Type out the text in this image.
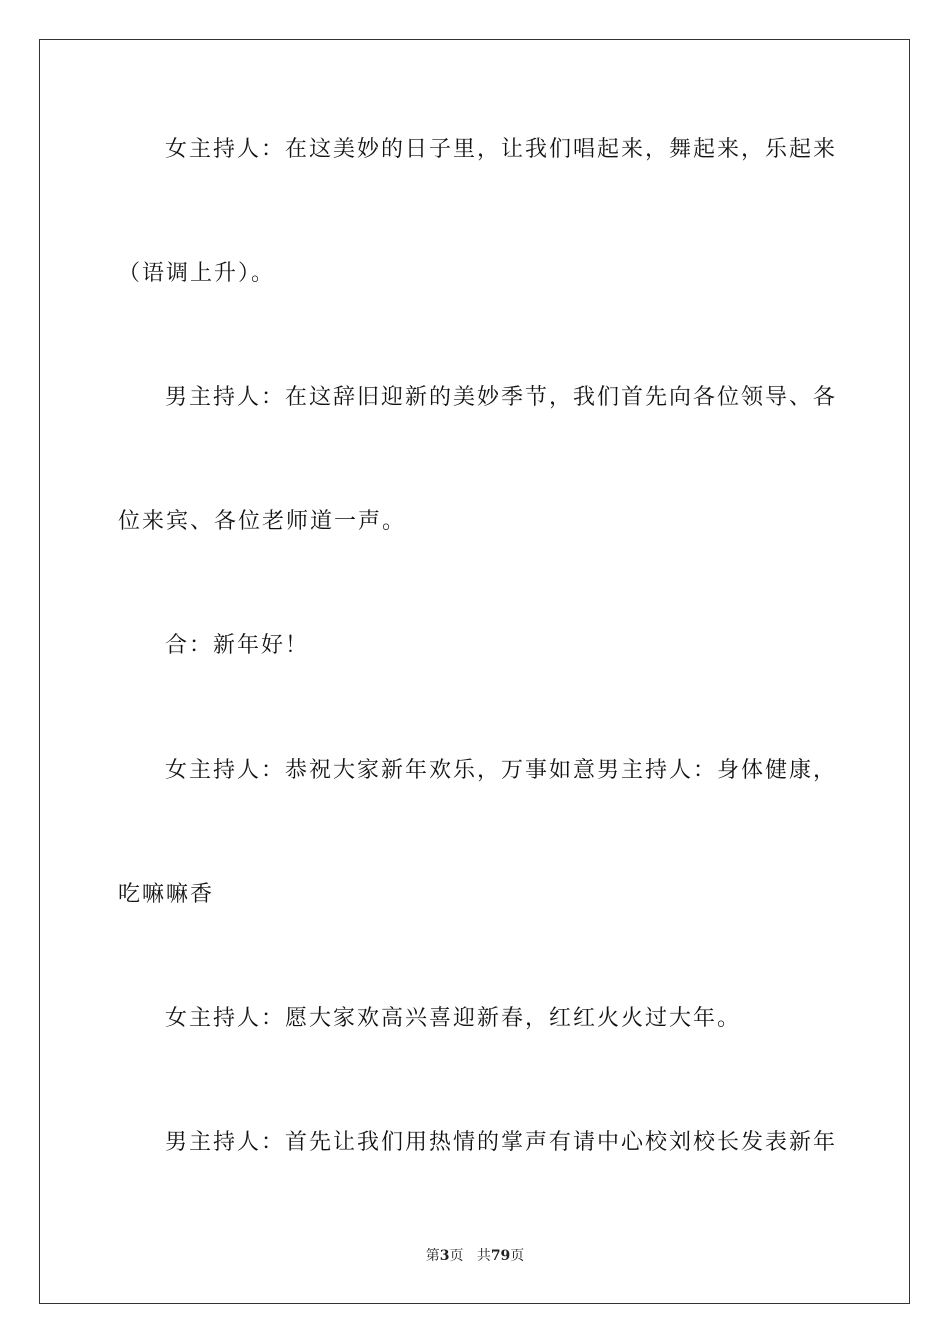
女主持人：在这美妙的日子里，让我们唱起来，舞起来，乐起来
（语调上升）。
男主持人：在这辞旧迎新的美妙季节，我们首先向各位领导、各
位来宾、各位老师道一声。
合：新年好！
女主持人：恭祝大家新年欢乐，万事如意男主持人：身体健康，
吃嘛嘛香
女主持人：愿大家欢高兴喜迎新春，红红火火过大年。
男主持人：首先让我们用热情的掌声有请中心校刘校长发表新年
第3页 共79页
